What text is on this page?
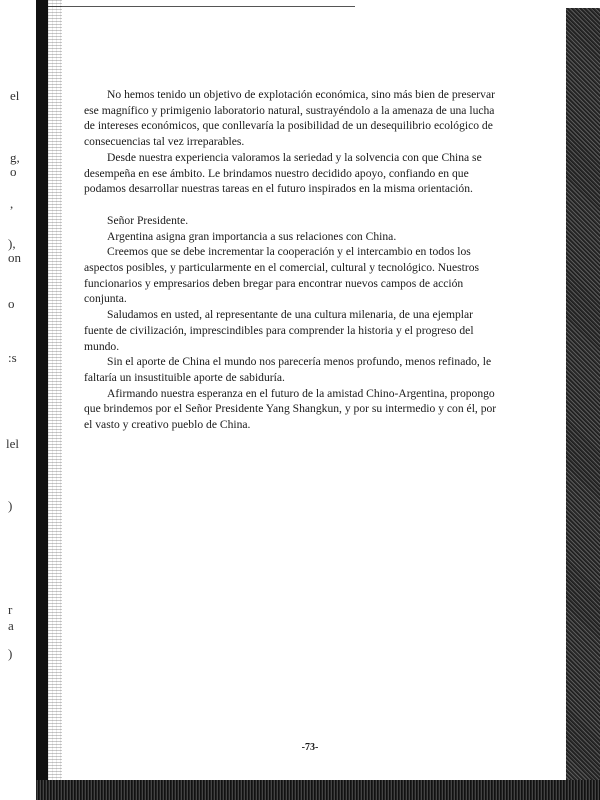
el
g,
o
,
),
on
o
:s
lel
)
r
a
)

No hemos tenido un objetivo de explotación económica, sino más bien de preservar ese magnífico y primigenio laboratorio natural, sustrayéndolo a la amenaza de una lucha de intereses económicos, que conllevaría la posibilidad de un desequilibrio ecológico de consecuencias tal vez irreparables.

Desde nuestra experiencia valoramos la seriedad y la solvencia con que China se desempeña en ese ámbito. Le brindamos nuestro decidido apoyo, confiando en que podamos desarrollar nuestras tareas en el futuro inspirados en la misma orientación.

Señor Presidente.

Argentina asigna gran importancia a sus relaciones con China.

Creemos que se debe incrementar la cooperación y el intercambio en todos los aspectos posibles, y particularmente en el comercial, cultural y tecnológico. Nuestros funcionarios y empresarios deben bregar para encontrar nuevos campos de acción conjunta.

Saludamos en usted, al representante de una cultura milenaria, de una ejemplar fuente de civilización, imprescindibles para comprender la historia y el progreso del mundo.

Sin el aporte de China el mundo nos parecería menos profundo, menos refinado, le faltaría un insustituible aporte de sabiduría.

Afirmando nuestra esperanza en el futuro de la amistad Chino-Argentina, propongo que brindemos por el Señor Presidente Yang Shangkun, y por su intermedio y con él, por el vasto y creativo pueblo de China.

-73-
